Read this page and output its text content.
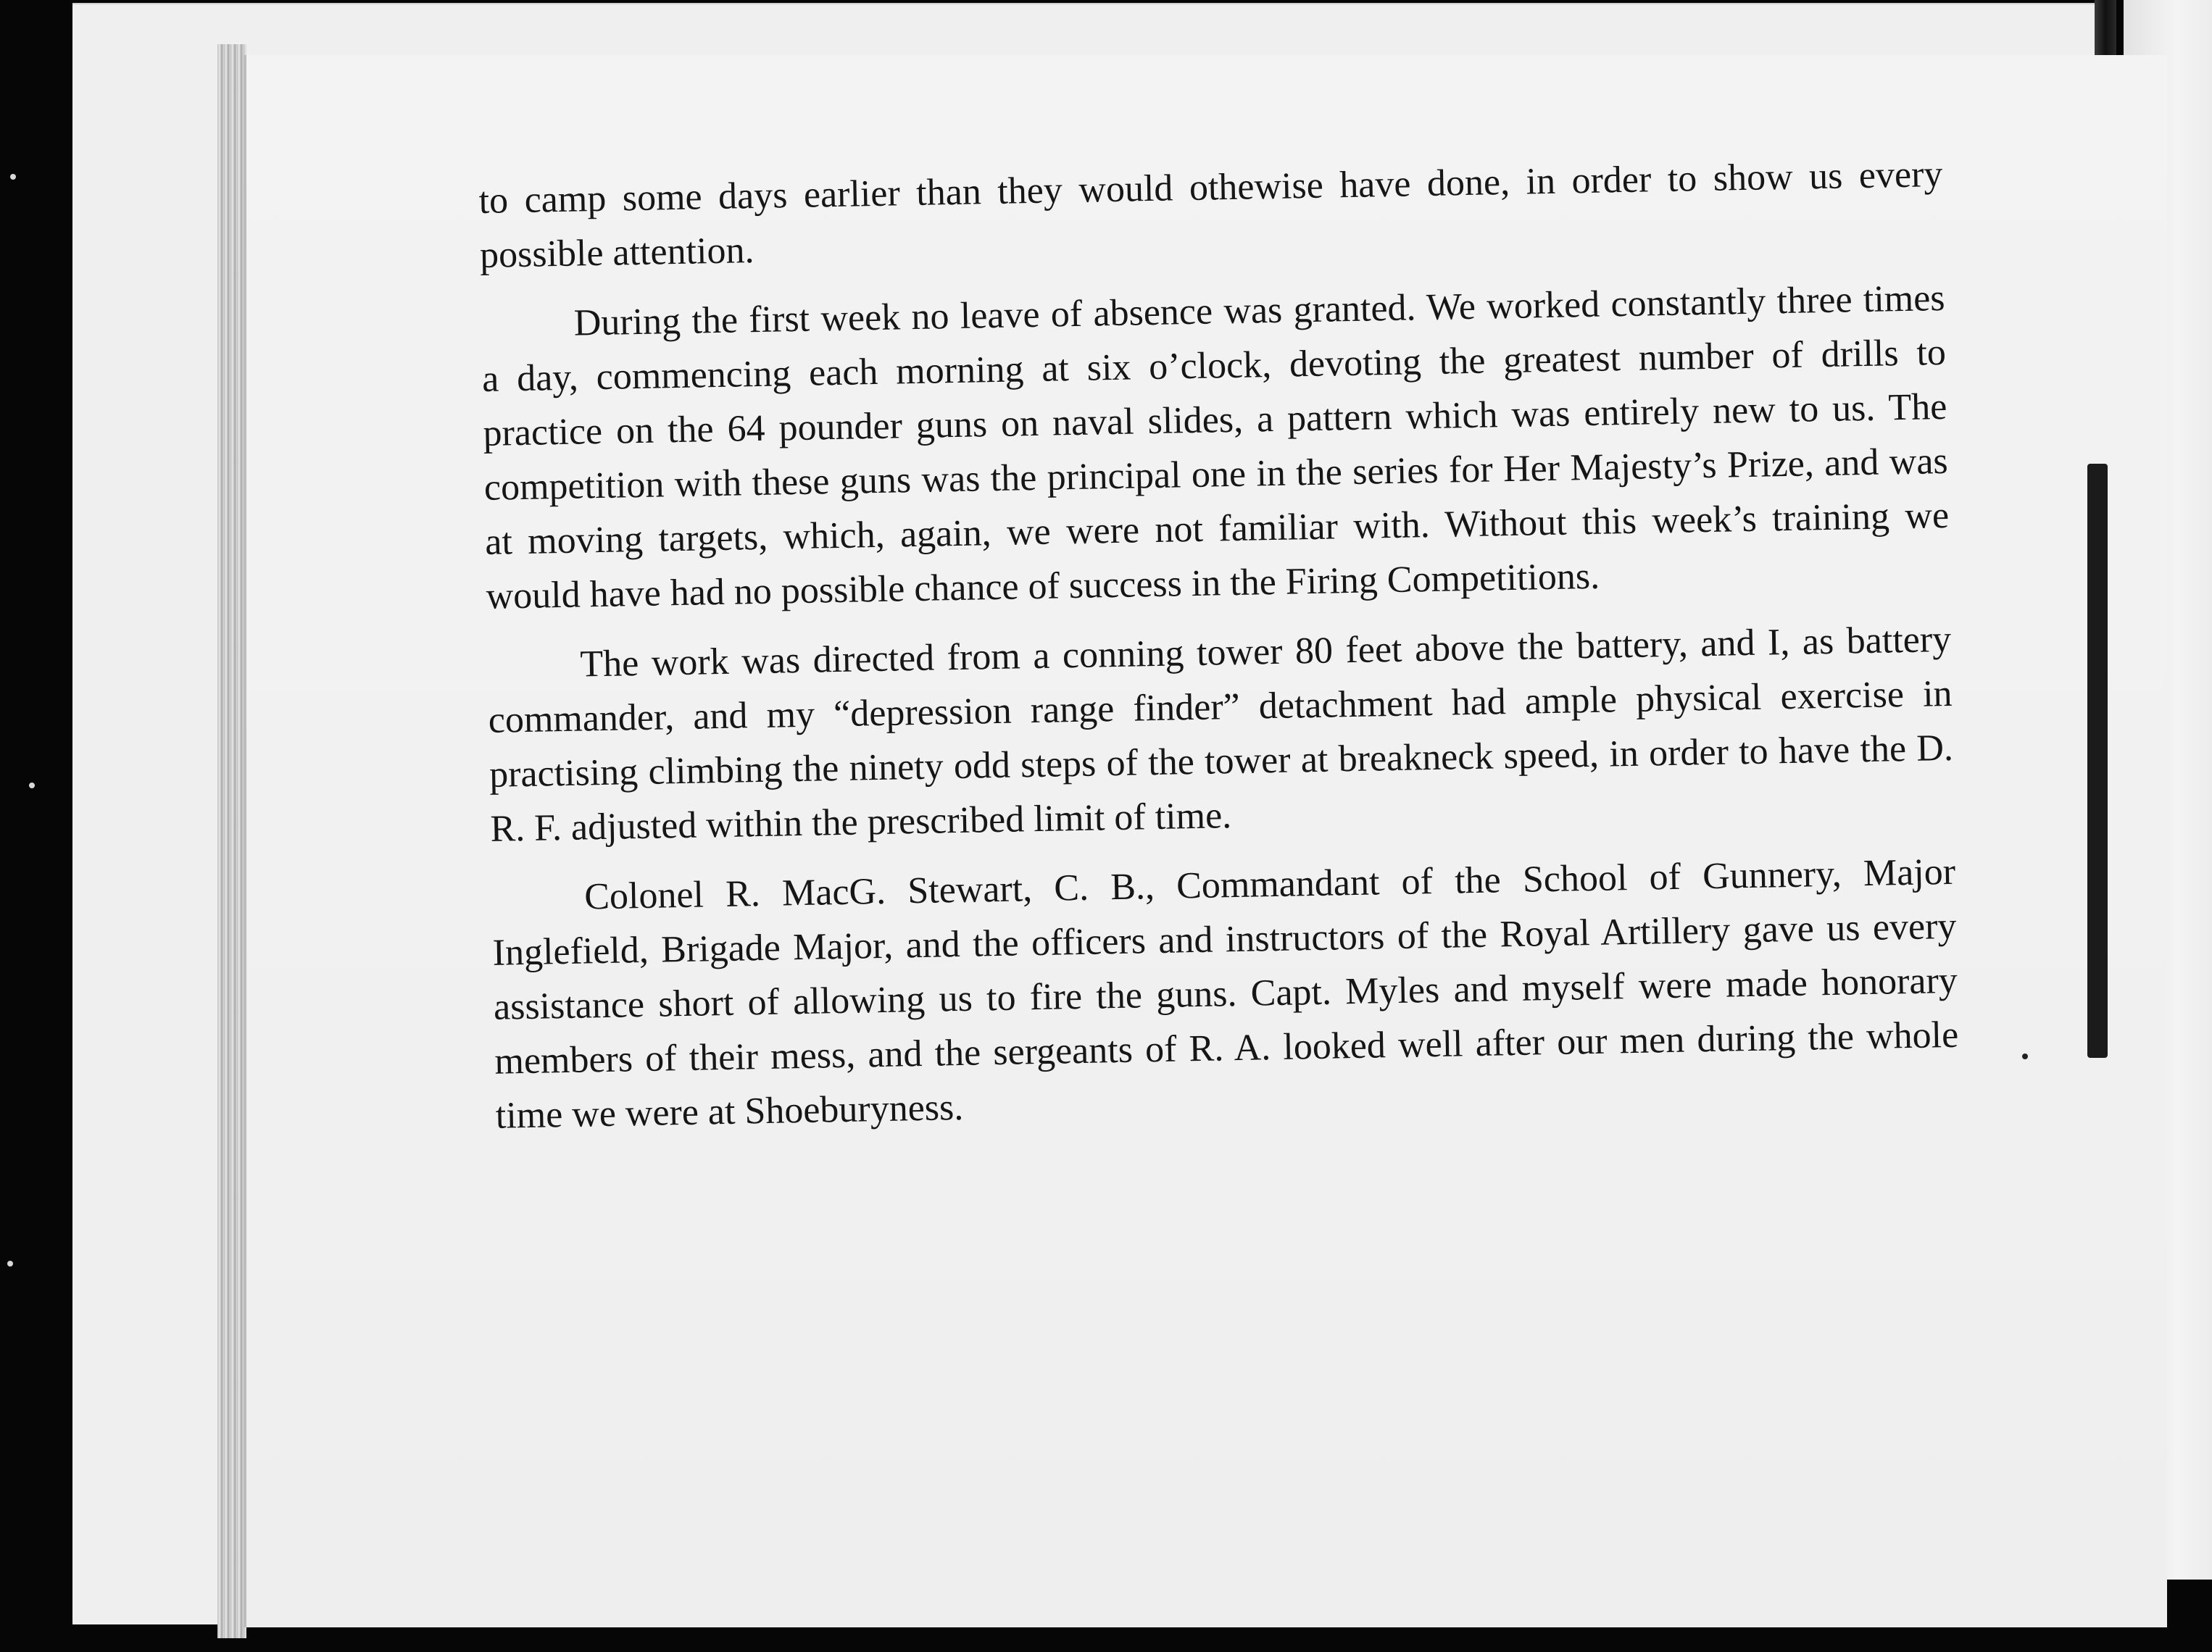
to camp some days earlier than they would othewise have done, in order to show us every possible attention.

During the first week no leave of absence was granted. We worked constantly three times a day, commencing each morning at six o’clock, devoting the greatest number of drills to practice on the 64 pounder guns on naval slides, a pattern which was entirely new to us. The competition with these guns was the principal one in the series for Her Majesty’s Prize, and was at moving targets, which, again, we were not familiar with. Without this week’s training we would have had no possible chance of success in the Firing Competitions.

The work was directed from a conning tower 80 feet above the battery, and I, as battery commander, and my “depression range finder” detachment had ample physical exercise in practising climbing the ninety odd steps of the tower at breakneck speed, in order to have the D. R. F. adjusted within the prescribed limit of time.

Colonel R. MacG. Stewart, C. B., Commandant of the School of Gunnery, Major Inglefield, Brigade Major, and the officers and instructors of the Royal Artillery gave us every assistance short of allowing us to fire the guns. Capt. Myles and myself were made honorary members of their mess, and the sergeants of R. A. looked well after our men during the whole time we were at Shoeburyness.
